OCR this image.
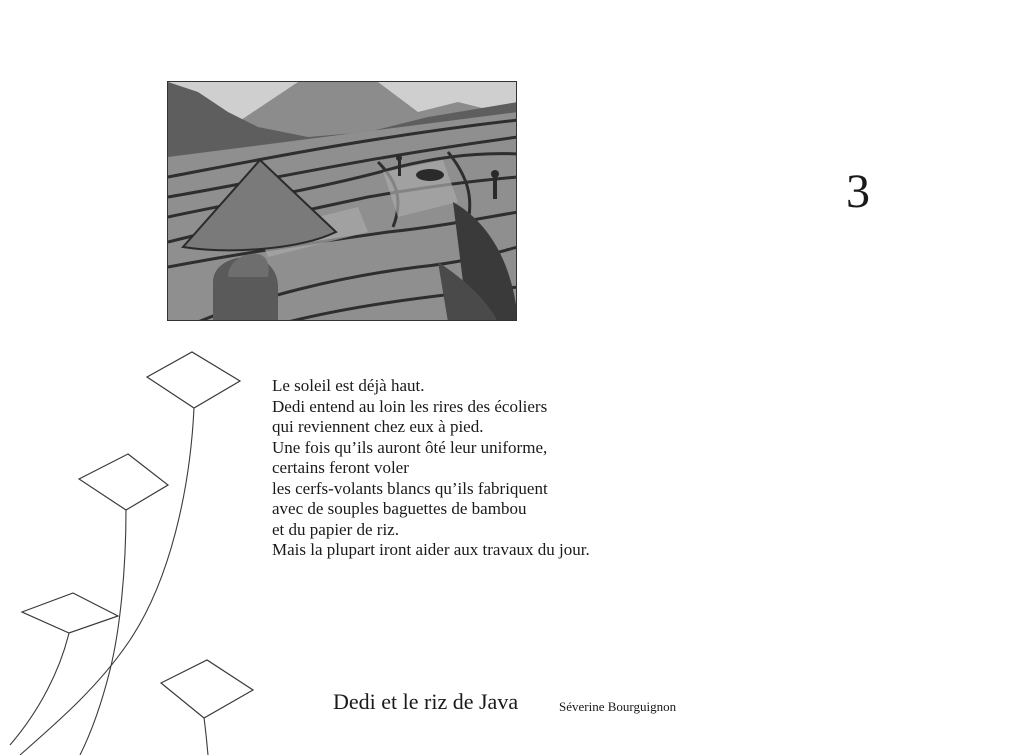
3
Le soleil est déjà haut.
Dedi entend au loin les rires des écoliers
qui reviennent chez eux à pied.
Une fois qu’ils auront ôté leur uniforme,
certains feront voler
les cerfs-volants blancs qu’ils fabriquent
avec de souples baguettes de bambou
et du papier de riz.
Mais la plupart iront aider aux travaux du jour.
Dedi et le riz de Java	Séverine Bourguignon
